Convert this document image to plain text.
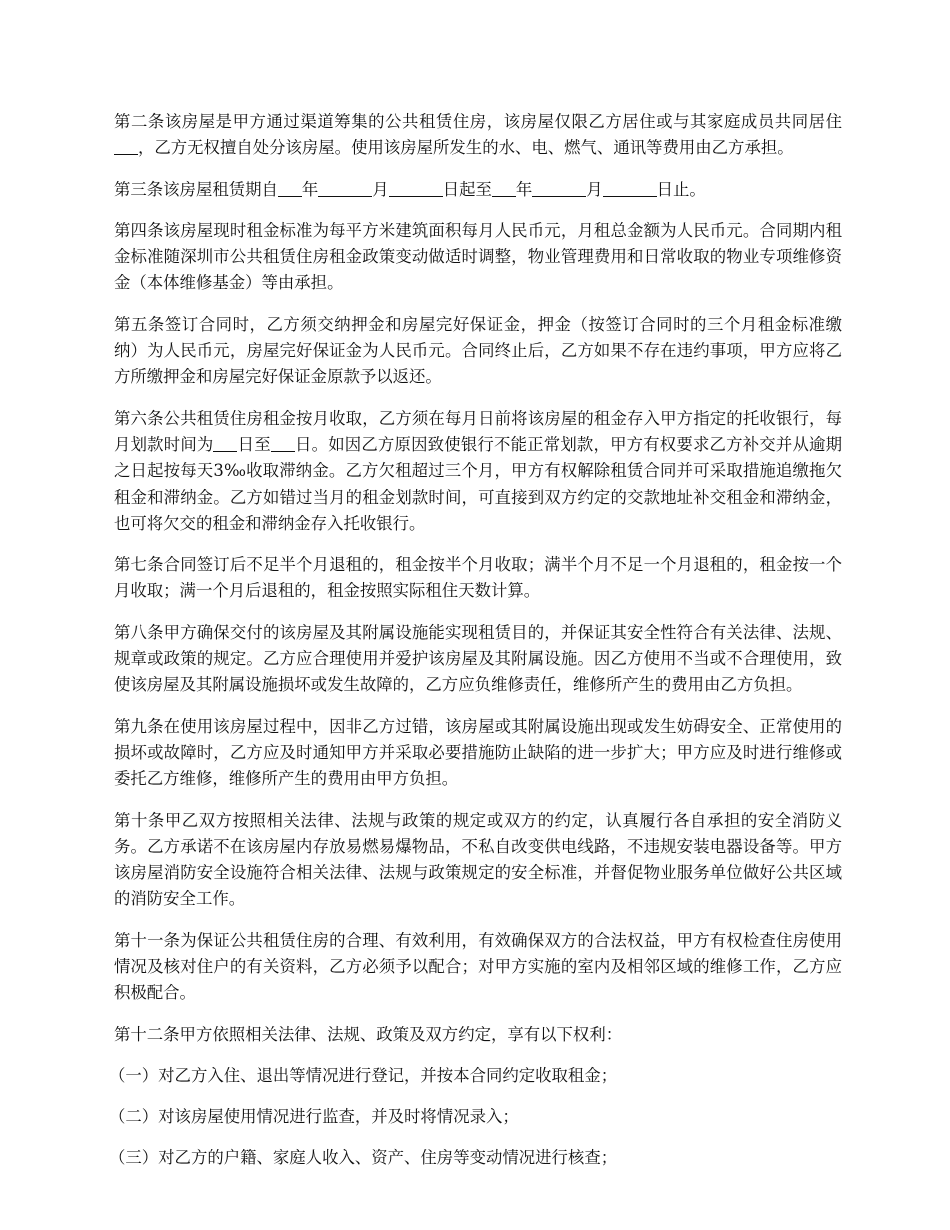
第二条该房屋是甲方通过渠道筹集的公共租赁住房，该房屋仅限乙方居住或与其家庭成员共同居住，乙方无权擅自处分该房屋。使用该房屋所发生的水、电、燃气、通讯等费用由乙方承担。

第三条该房屋租赁期自 年	月	日起至 年	月	日止。

第四条该房屋现时租金标准为每平方米建筑面积每月人民币元，月租总金额为人民币元。合同期内租金标准随深圳市公共租赁住房租金政策变动做适时调整，物业管理费用和日常收取的物业专项维修资金（本体维修基金）等由承担。

第五条签订合同时，乙方须交纳押金和房屋完好保证金，押金（按签订合同时的三个月租金标准缴纳）为人民币元，房屋完好保证金为人民币元。合同终止后，乙方如果不存在违约事项，甲方应将乙方所缴押金和房屋完好保证金原款予以返还。

第六条公共租赁住房租金按月收取，乙方须在每月日前将该房屋的租金存入甲方指定的托收银行，每月划款时间为 日至 日。如因乙方原因致使银行不能正常划款，甲方有权要求乙方补交并从逾期之日起按每天3‰收取滞纳金。乙方欠租超过三个月，甲方有权解除租赁合同并可采取措施追缴拖欠租金和滞纳金。乙方如错过当月的租金划款时间，可直接到双方约定的交款地址补交租金和滞纳金，也可将欠交的租金和滞纳金存入托收银行。

第七条合同签订后不足半个月退租的，租金按半个月收取；满半个月不足一个月退租的，租金按一个月收取；满一个月后退租的，租金按照实际租住天数计算。

第八条甲方确保交付的该房屋及其附属设施能实现租赁目的，并保证其安全性符合有关法律、法规、规章或政策的规定。乙方应合理使用并爱护该房屋及其附属设施。因乙方使用不当或不合理使用，致使该房屋及其附属设施损坏或发生故障的，乙方应负维修责任，维修所产生的费用由乙方负担。

第九条在使用该房屋过程中，因非乙方过错，该房屋或其附属设施出现或发生妨碍安全、正常使用的损坏或故障时，乙方应及时通知甲方并采取必要措施防止缺陷的进一步扩大；甲方应及时进行维修或委托乙方维修，维修所产生的费用由甲方负担。

第十条甲乙双方按照相关法律、法规与政策的规定或双方的约定，认真履行各自承担的安全消防义务。乙方承诺不在该房屋内存放易燃易爆物品，不私自改变供电线路，不违规安装电器设备等。甲方该房屋消防安全设施符合相关法律、法规与政策规定的安全标准，并督促物业服务单位做好公共区域的消防安全工作。

第十一条为保证公共租赁住房的合理、有效利用，有效确保双方的合法权益，甲方有权检查住房使用情况及核对住户的有关资料，乙方必须予以配合；对甲方实施的室内及相邻区域的维修工作，乙方应积极配合。

第十二条甲方依照相关法律、法规、政策及双方约定，享有以下权利：

（一）对乙方入住、退出等情况进行登记，并按本合同约定收取租金；

（二）对该房屋使用情况进行监查，并及时将情况录入；

（三）对乙方的户籍、家庭人收入、资产、住房等变动情况进行核查；
